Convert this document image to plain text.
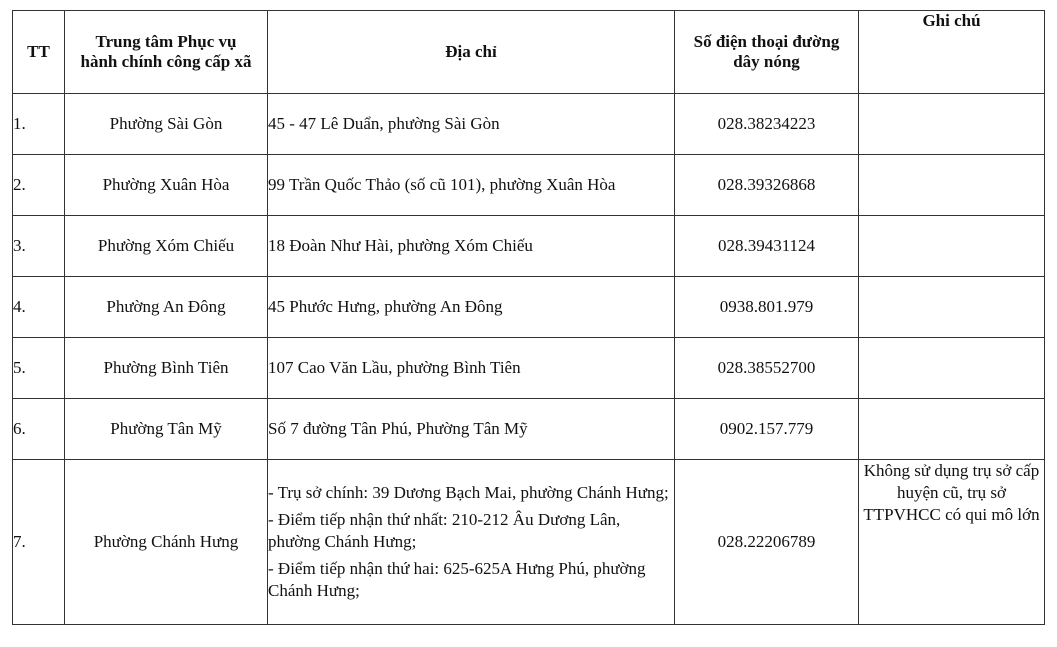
TT	Trung tâm Phục vụ hành chính công cấp xã	Địa chỉ	Số điện thoại đường dây nóng	Ghi chú
1.	Phường Sài Gòn	45 - 47 Lê Duẩn, phường Sài Gòn	028.38234223	
2.	Phường Xuân Hòa	99 Trần Quốc Thảo (số cũ 101), phường Xuân Hòa	028.39326868	
3.	Phường Xóm Chiếu	18 Đoàn Như Hài, phường Xóm Chiếu	028.39431124	
4.	Phường An Đông	45 Phước Hưng, phường An Đông	0938.801.979	
5.	Phường Bình Tiên	107 Cao Văn Lầu, phường Bình Tiên	028.38552700	
6.	Phường Tân Mỹ	Số 7 đường Tân Phú, Phường Tân Mỹ	0902.157.779	
7.	Phường Chánh Hưng	- Trụ sở chính: 39 Dương Bạch Mai, phường Chánh Hưng;

- Điểm tiếp nhận thứ nhất: 210-212 Âu Dương Lân, phường Chánh Hưng;

- Điểm tiếp nhận thứ hai: 625-625A Hưng Phú, phường Chánh Hưng;	028.22206789	Không sử dụng trụ sở cấp huyện cũ, trụ sở TTPVHCC có qui mô lớn
